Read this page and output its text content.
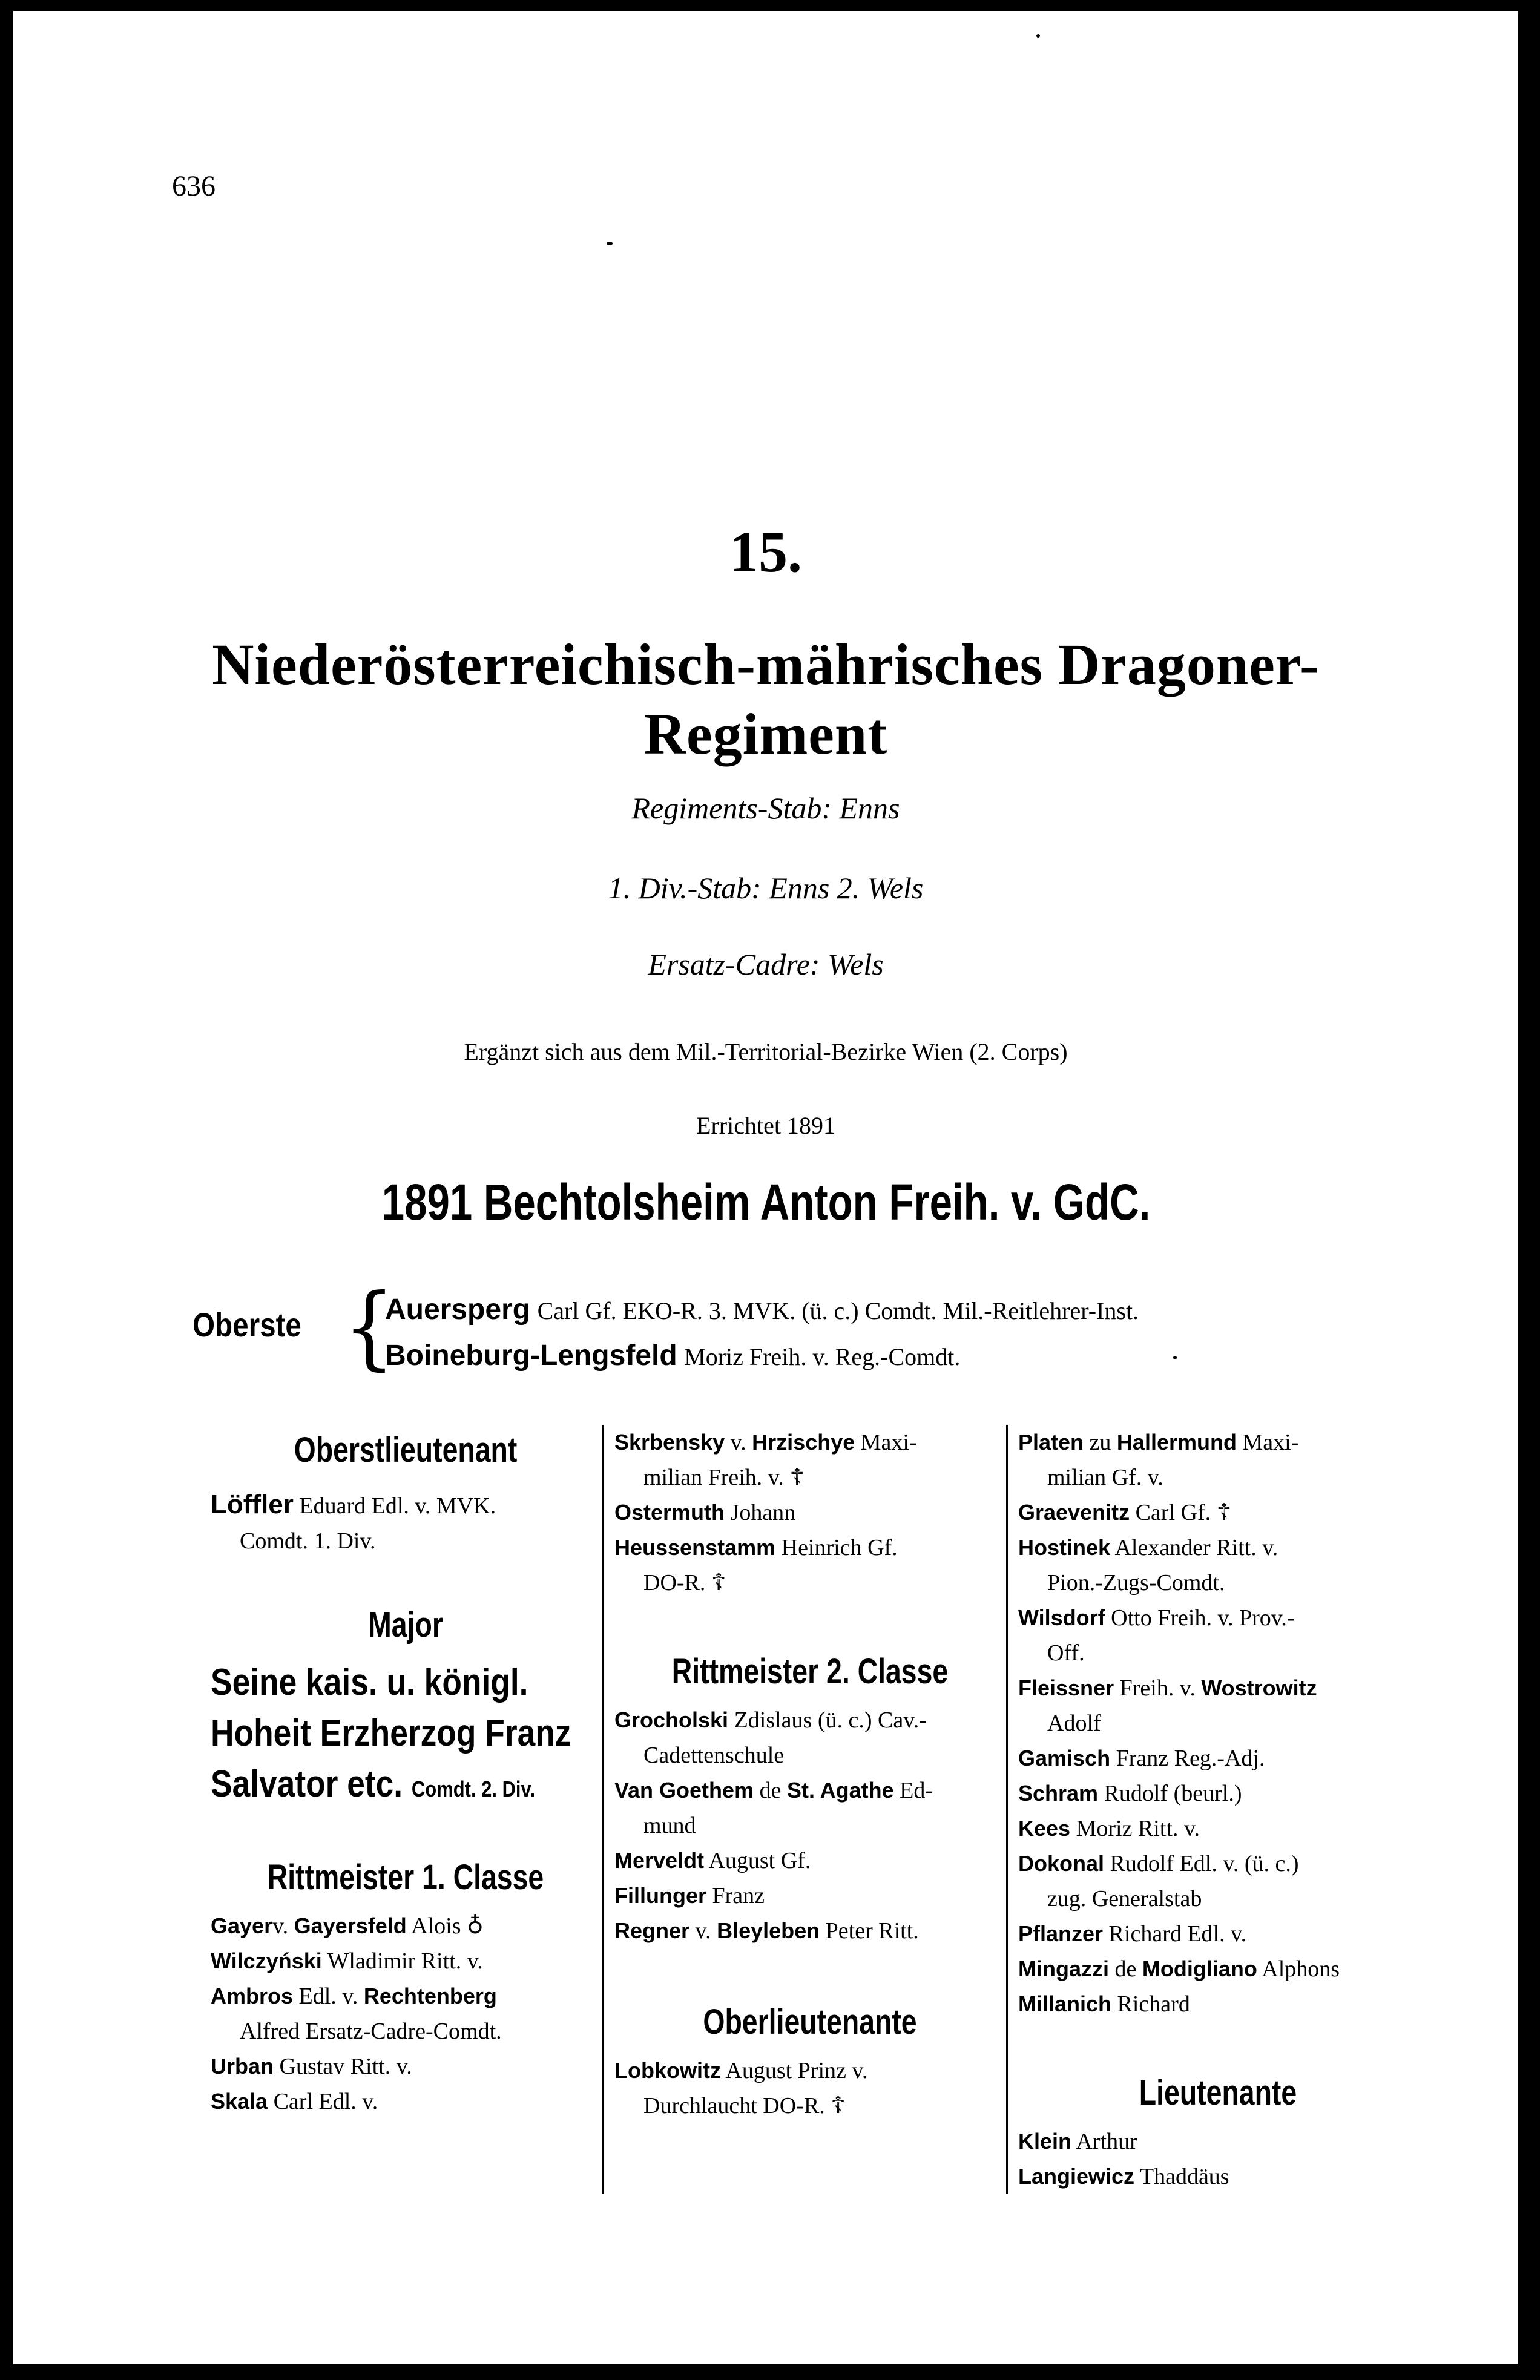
636
15.
Niederösterreichisch-mährisches Dragoner-
Regiment
Regiments-Stab: Enns
1. Div.-Stab: Enns 2. Wels
Ersatz-Cadre: Wels
Ergänzt sich aus dem Mil.-Territorial-Bezirke Wien (2. Corps)
Errichtet 1891
1891 Bechtolsheim Anton Freih. v. GdC.
Oberste {
Auersperg Carl Gf. EKO-R. 3. MVK. (ü. c.) Comdt. Mil.-Reitlehrer-Inst.
Boineburg-Lengsfeld Moriz Freih. v. Reg.-Comdt.
Oberstlieutenant
Löffler Eduard Edl. v. MVK.
Comdt. 1. Div.
Major
Seine kais. u. königl. Hoheit Erzherzog Franz Salvator etc. Comdt. 2. Div.
Rittmeister 1. Classe
Gayerv. Gayersfeld Alois ♁
Wilczyński Wladimir Ritt. v.
Ambros Edl. v. Rechtenberg
Alfred Ersatz-Cadre-Comdt.
Urban Gustav Ritt. v.
Skala Carl Edl. v.
Skrbensky v. Hrzischye Maxi-
milian Freih. v. ☦
Ostermuth Johann
Heussenstamm Heinrich Gf.
DO-R. ☦
Rittmeister 2. Classe
Grocholski Zdislaus (ü. c.) Cav.-
Cadettenschule
Van Goethem de St. Agathe Ed-
mund
Merveldt August Gf.
Fillunger Franz
Regner v. Bleyleben Peter Ritt.
Oberlieutenante
Lobkowitz August Prinz v.
Durchlaucht DO-R. ☦
Platen zu Hallermund Maxi-
milian Gf. v.
Graevenitz Carl Gf. ☦
Hostinek Alexander Ritt. v.
Pion.-Zugs-Comdt.
Wilsdorf Otto Freih. v. Prov.-
Off.
Fleissner Freih. v. Wostrowitz
Adolf
Gamisch Franz Reg.-Adj.
Schram Rudolf (beurl.)
Kees Moriz Ritt. v.
Dokonal Rudolf Edl. v. (ü. c.)
zug. Generalstab
Pflanzer Richard Edl. v.
Mingazzi de Modigliano Alphons
Millanich Richard
Lieutenante
Klein Arthur
Langiewicz Thaddäus
